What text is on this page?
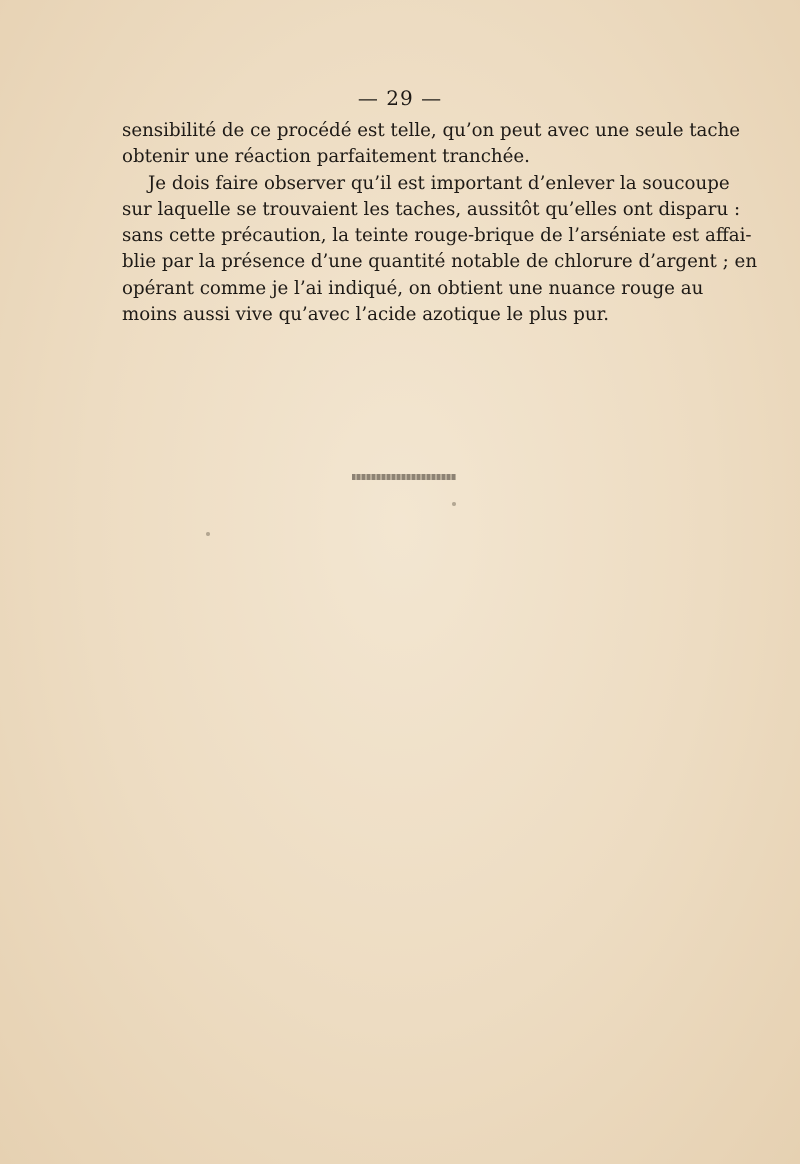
— 29 —
sensibilité de ce procédé est telle, qu’on peut avec une seule tache
obtenir une réaction parfaitement tranchée.
Je dois faire observer qu’il est important d’enlever la soucoupe
sur laquelle se trouvaient les taches, aussitôt qu’elles ont disparu :
sans cette précaution, la teinte rouge-brique de l’arséniate est affai-
blie par la présence d’une quantité notable de chlorure d’argent ; en
opérant comme je l’ai indiqué, on obtient une nuance rouge au
moins aussi vive qu’avec l’acide azotique le plus pur.
